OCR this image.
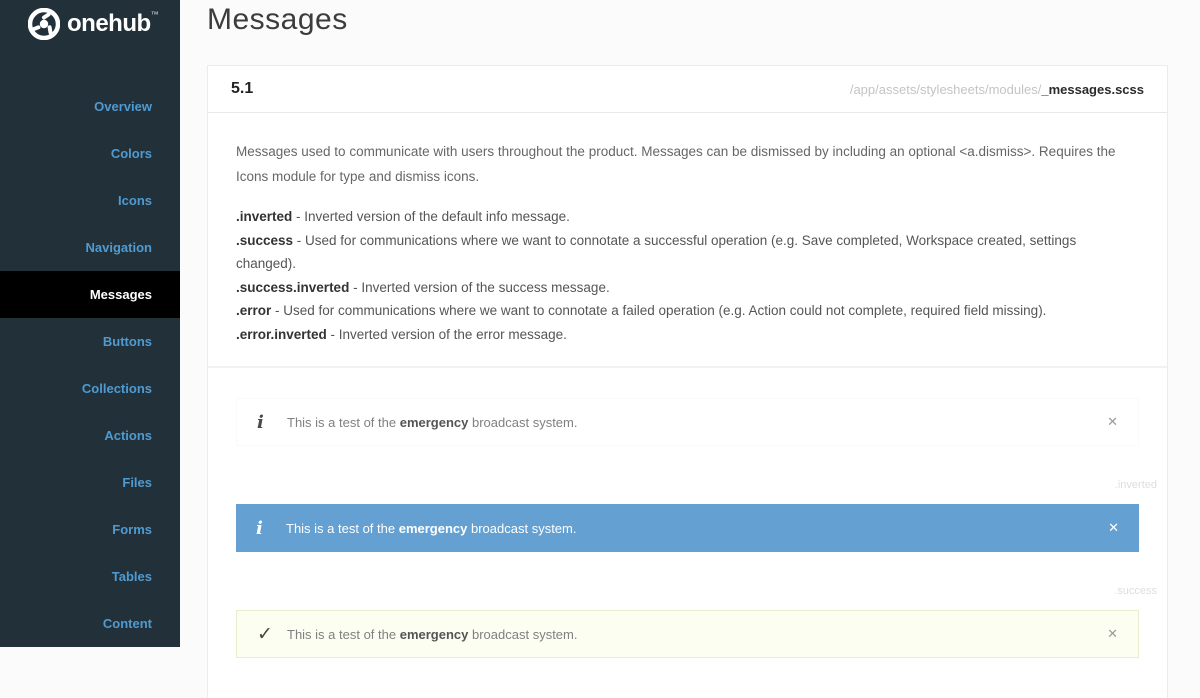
onehub ™
Overview
Colors
Icons
Navigation
Messages
Buttons
Collections
Actions
Files
Forms
Tables
Content
Messages
5.1	/app/assets/stylesheets/modules/_messages.scss

Messages used to communicate with users throughout the product. Messages can be dismissed by including an optional <a.dismiss>. Requires the Icons module for type and dismiss icons.

.inverted - Inverted version of the default info message.
.success - Used for communications where we want to connotate a successful operation (e.g. Save completed, Workspace created, settings changed).
.success.inverted - Inverted version of the success message.
.error - Used for communications where we want to connotate a failed operation (e.g. Action could not complete, required field missing).
.error.inverted - Inverted version of the error message.
i	This is a test of the emergency broadcast system.	✕
.inverted
i	This is a test of the emergency broadcast system.	✕
.success
✓	This is a test of the emergency broadcast system.	✕
